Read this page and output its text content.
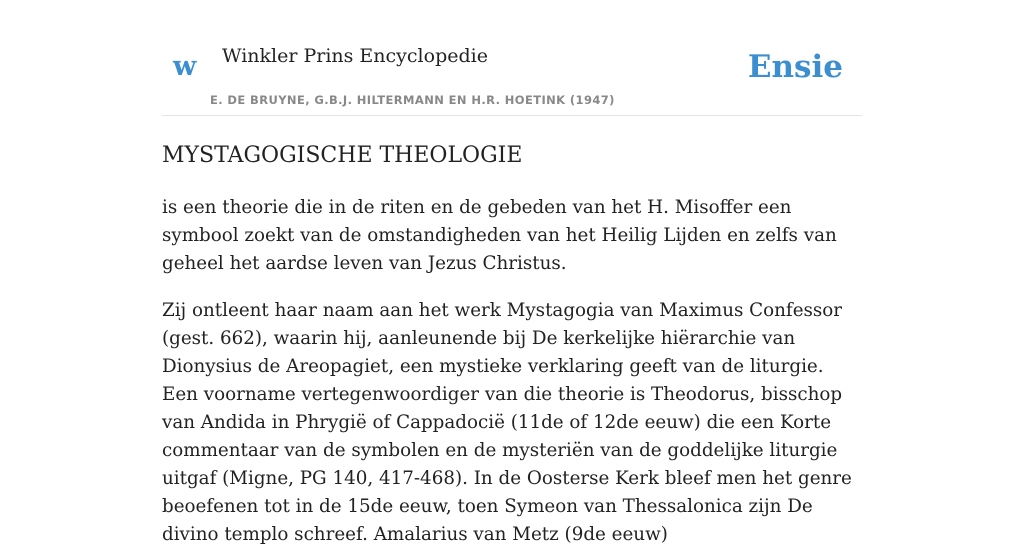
w Winkler Prins Encyclopedie
E. DE BRUYNE, G.B.J. HILTERMANN EN H.R. HOETINK (1947)
Ensie
MYSTAGOGISCHE THEOLOGIE

is een theorie die in de riten en de gebeden van het H. Misoffer een symbool zoekt van de omstandigheden van het Heilig Lijden en zelfs van geheel het aardse leven van Jezus Christus.

Zij ontleent haar naam aan het werk Mystagogia van Maximus Confessor (gest. 662), waarin hij, aanleunende bij De kerkelijke hiërarchie van Dionysius de Areopagiet, een mystieke verklaring geeft van de liturgie. Een voorname vertegenwoordiger van die theorie is Theodorus, bisschop van Andida in Phrygië of Cappadocië (11de of 12de eeuw) die een Korte commentaar van de symbolen en de mysteriën van de goddelijke liturgie uitgaf (Migne, PG 140, 417-468). In de Oosterse Kerk bleef men het genre beoefenen tot in de 15de eeuw, toen Symeon van Thessalonica zijn De divino templo schreef. Amalarius van Metz (9de eeuw)
